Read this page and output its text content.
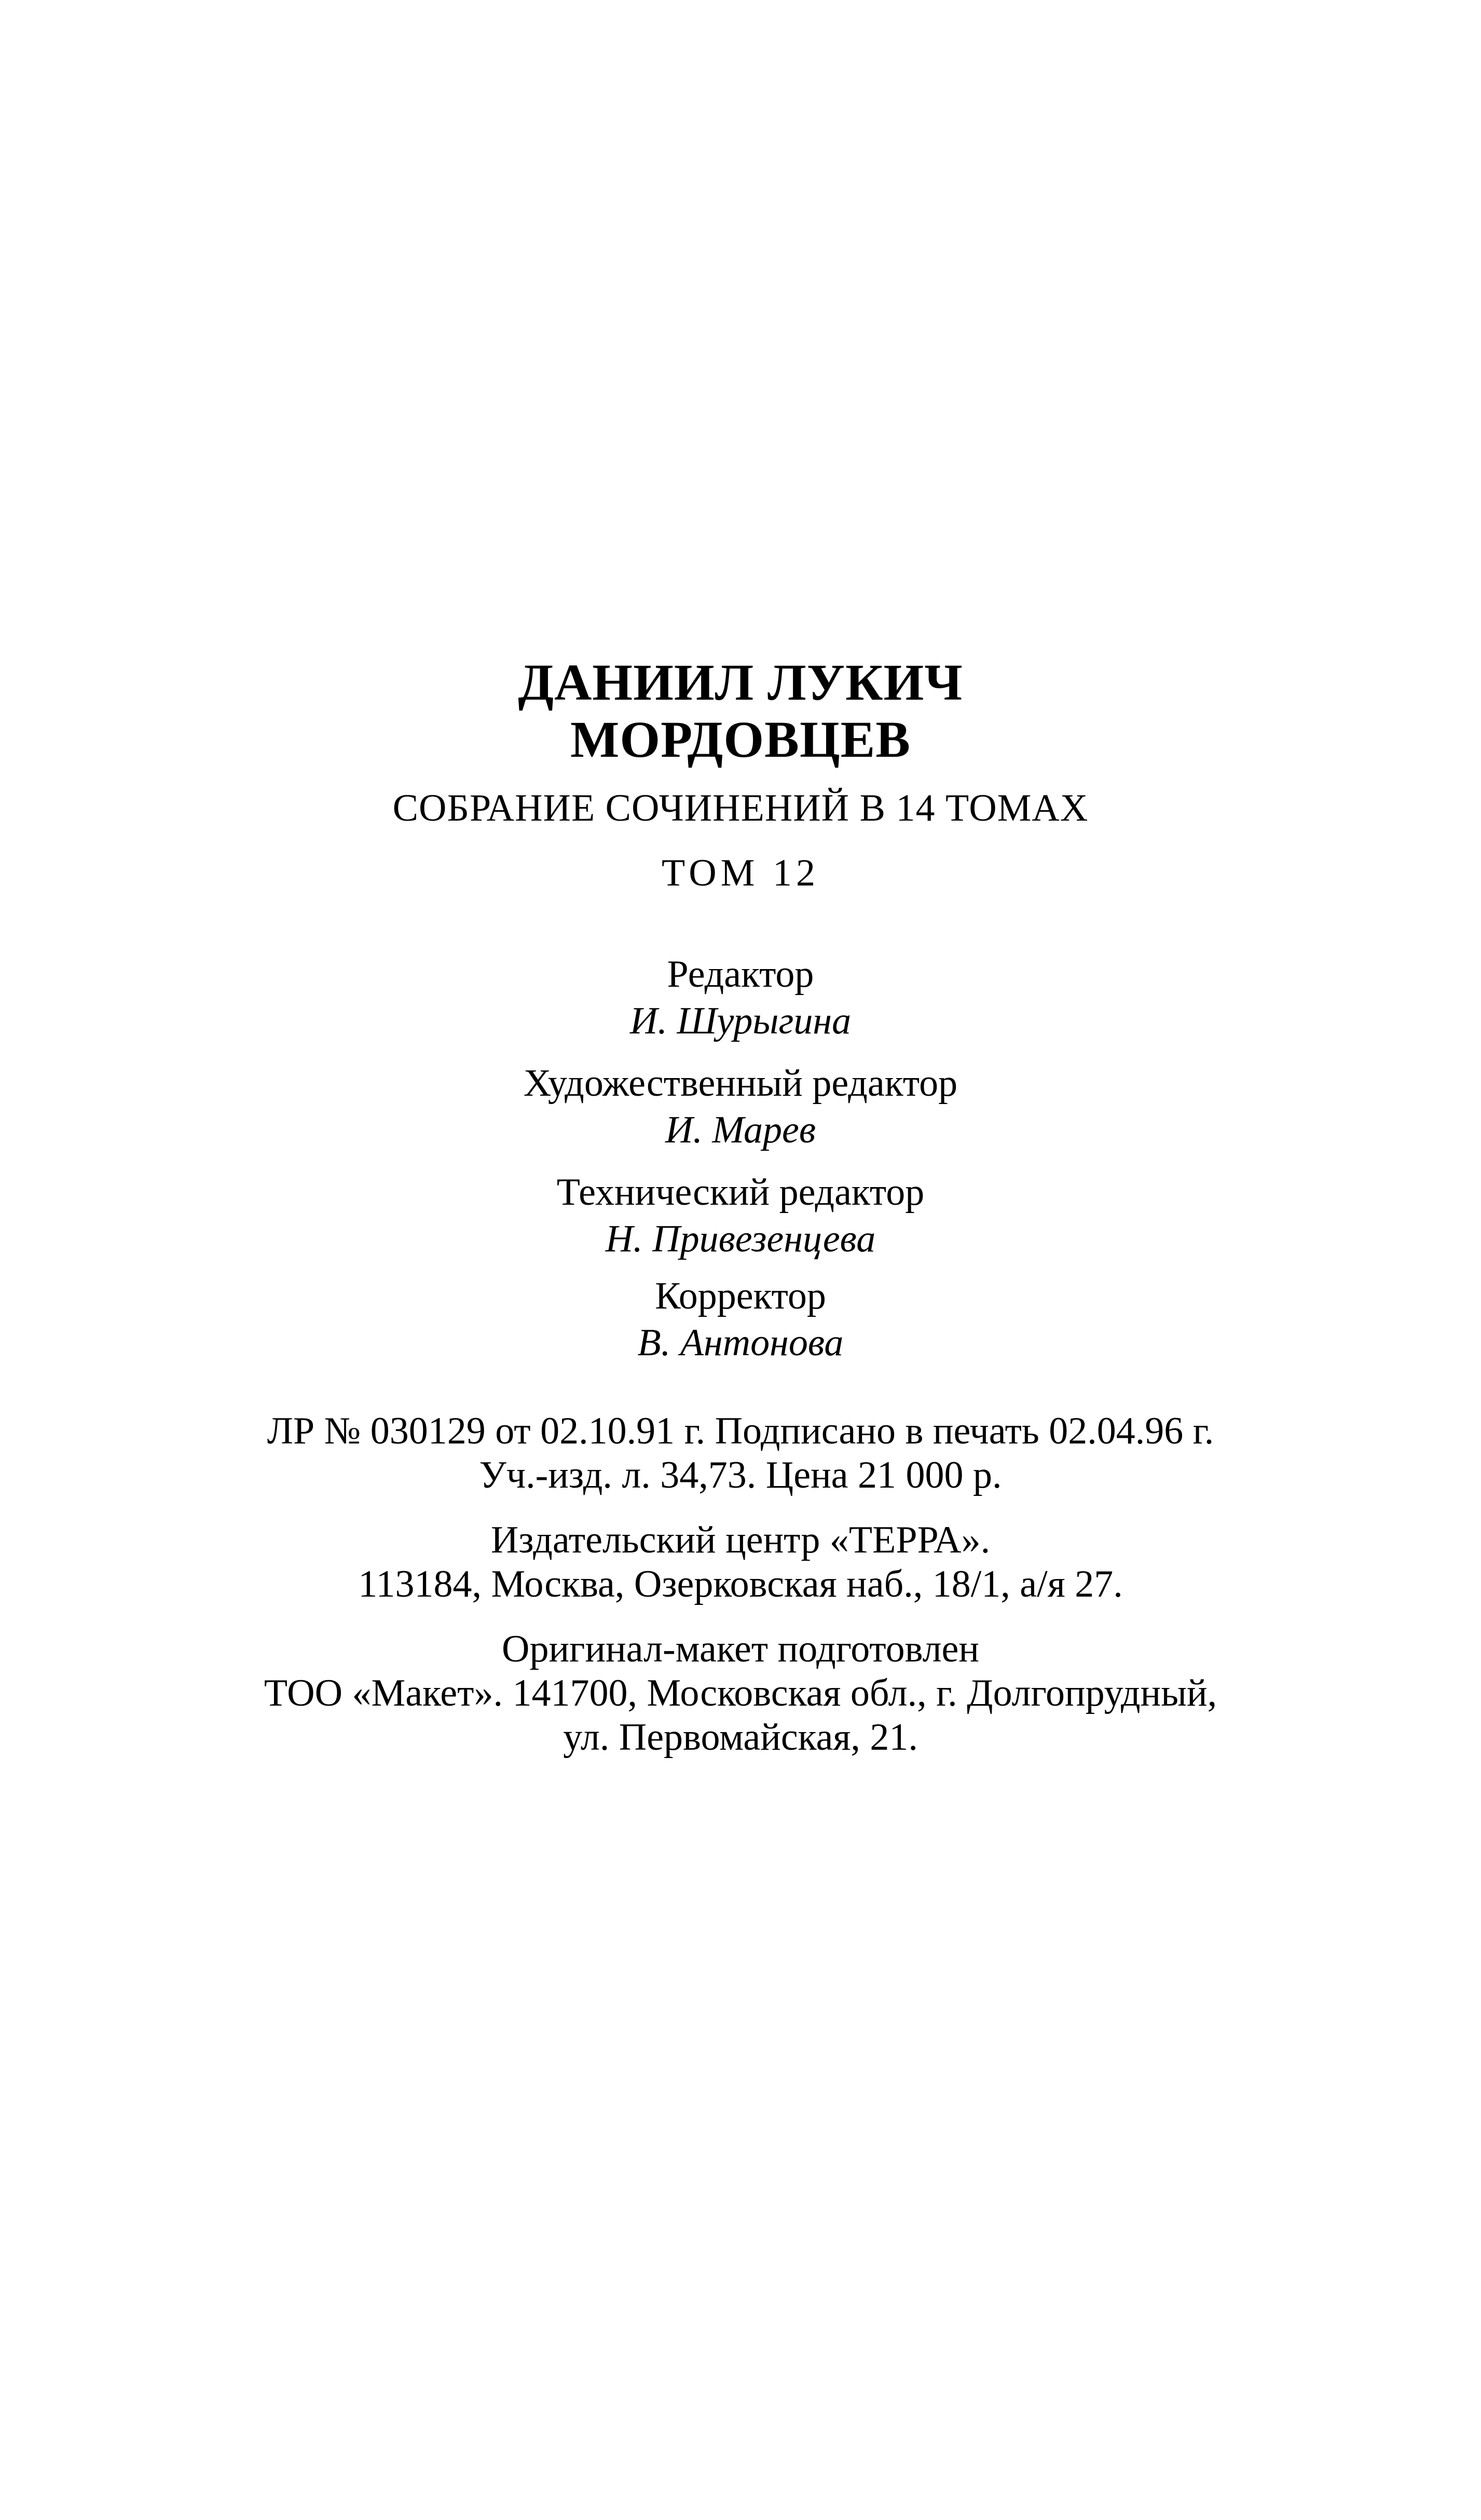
ДАНИИЛ ЛУКИЧ
МОРДОВЦЕВ
СОБРАНИЕ СОЧИНЕНИЙ В 14 ТОМАХ
ТОМ 12
Редактор
И. Шурыгина
Художественный редактор
И. Марев
Технический редактор
Н. Привезенцева
Корректор
В. Антонова
ЛР № 030129 от 02.10.91 г. Подписано в печать 02.04.96 г.
Уч.-изд. л. 34,73. Цена 21 000 р.
Издательский центр «ТЕРРА».
113184, Москва, Озерковская наб., 18/1, а/я 27.
Оригинал-макет подготовлен
ТОО «Макет». 141700, Московская обл., г. Долгопрудный,
ул. Первомайская, 21.
